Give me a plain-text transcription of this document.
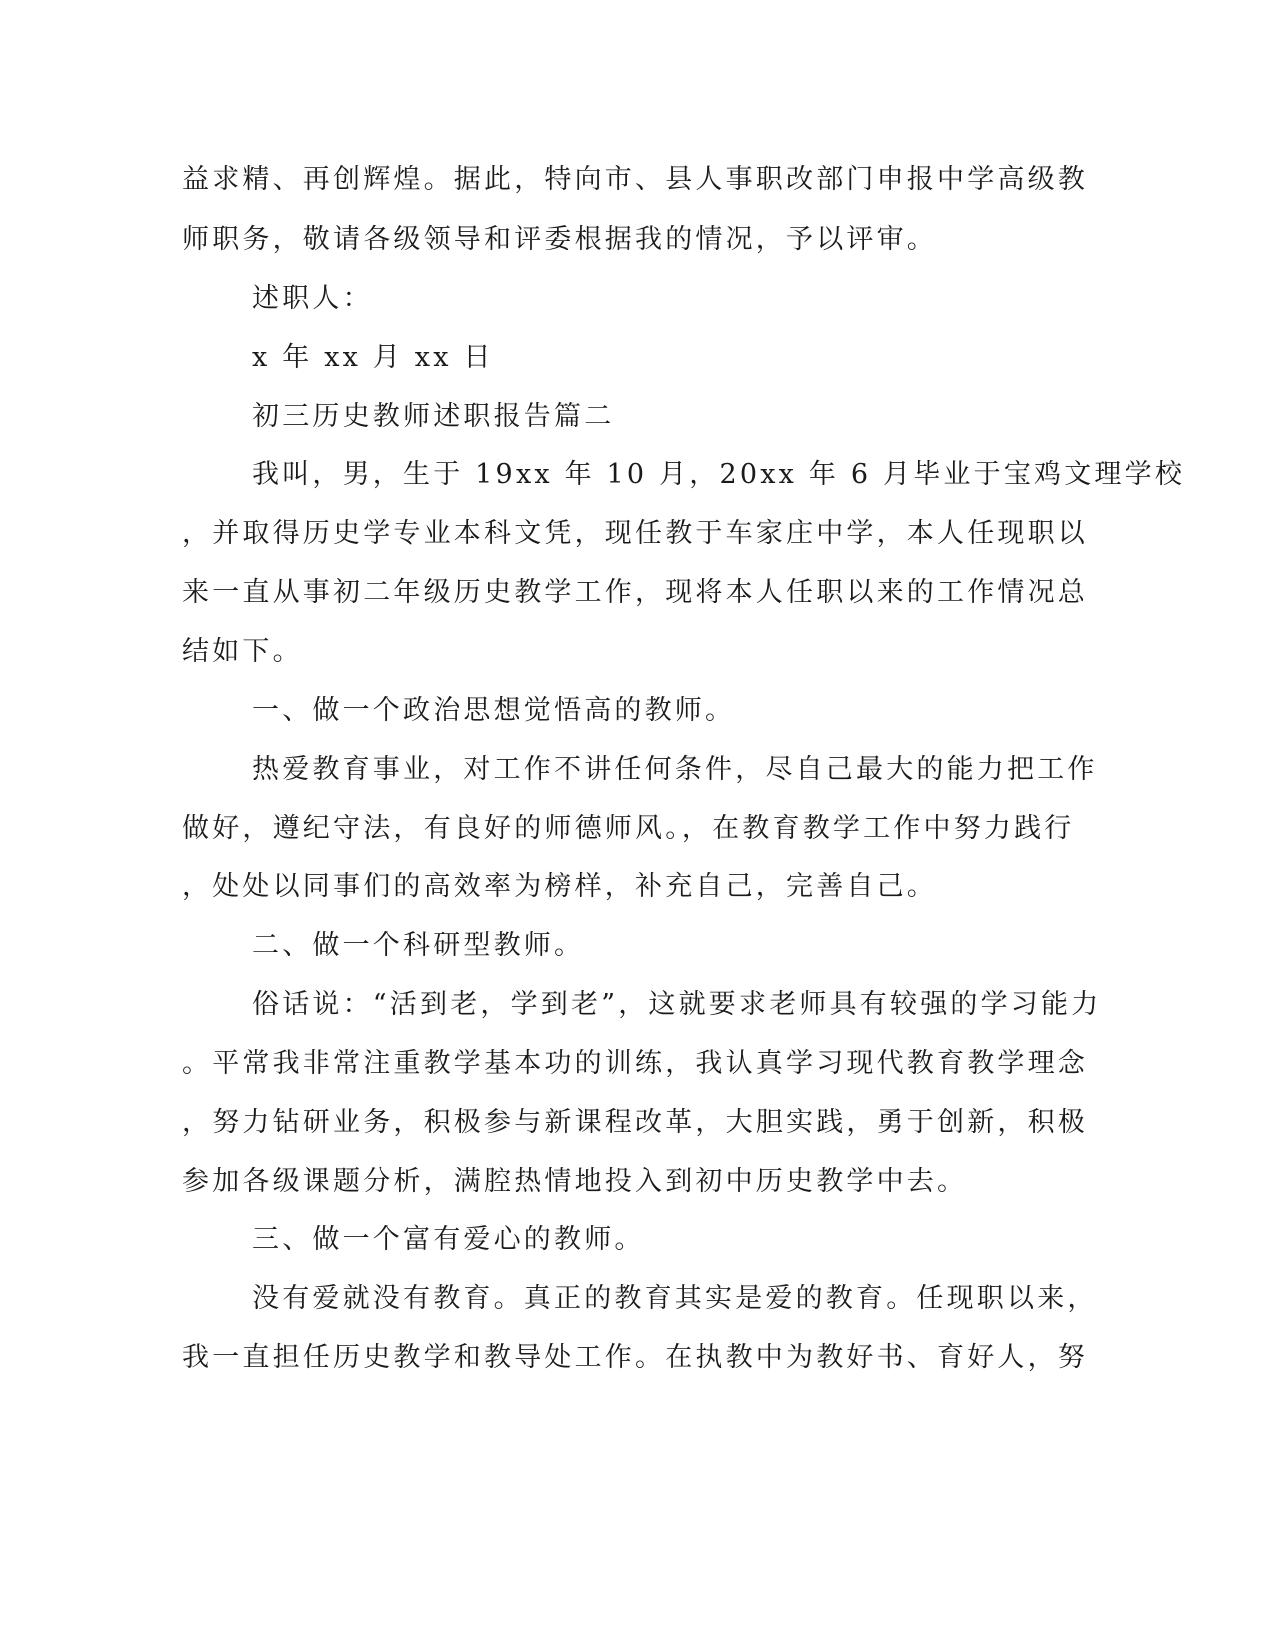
益求精、再创辉煌。据此，特向市、县人事职改部门申报中学高级教
师职务，敬请各级领导和评委根据我的情况，予以评审。
述职人：
x 年 xx 月 xx 日
初三历史教师述职报告篇二
我叫，男，生于 19xx 年 10 月，20xx 年 6 月毕业于宝鸡文理学校
，并取得历史学专业本科文凭，现任教于车家庄中学，本人任现职以
来一直从事初二年级历史教学工作，现将本人任职以来的工作情况总
结如下。
一、做一个政治思想觉悟高的教师。
热爱教育事业，对工作不讲任何条件，尽自己最大的能力把工作
做好，遵纪守法，有良好的师德师风。，在教育教学工作中努力践行
，处处以同事们的高效率为榜样，补充自己，完善自己。
二、做一个科研型教师。
俗话说：“活到老，学到老”，这就要求老师具有较强的学习能力
。平常我非常注重教学基本功的训练，我认真学习现代教育教学理念
，努力钻研业务，积极参与新课程改革，大胆实践，勇于创新，积极
参加各级课题分析，满腔热情地投入到初中历史教学中去。
三、做一个富有爱心的教师。
没有爱就没有教育。真正的教育其实是爱的教育。任现职以来，
我一直担任历史教学和教导处工作。在执教中为教好书、育好人，努
